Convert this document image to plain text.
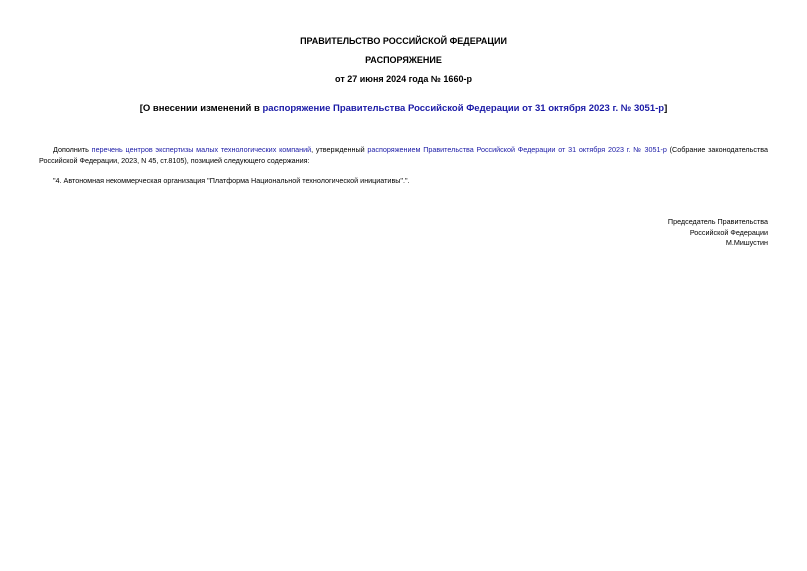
ПРАВИТЕЛЬСТВО РОССИЙСКОЙ ФЕДЕРАЦИИ
РАСПОРЯЖЕНИЕ
от 27 июня 2024 года № 1660-р
[О внесении изменений в распоряжение Правительства Российской Федерации от 31 октября 2023 г. № 3051-р]
Дополнить перечень центров экспертизы малых технологических компаний, утвержденный распоряжением Правительства Российской Федерации от 31 октября 2023 г. № 3051-р (Собрание законодательства Российской Федерации, 2023, N 45, ст.8105), позицией следующего содержания:
"4. Автономная некоммерческая организация "Платформа Национальной технологической инициативы".".
Председатель Правительства
Российской Федерации
М.Мишустин
